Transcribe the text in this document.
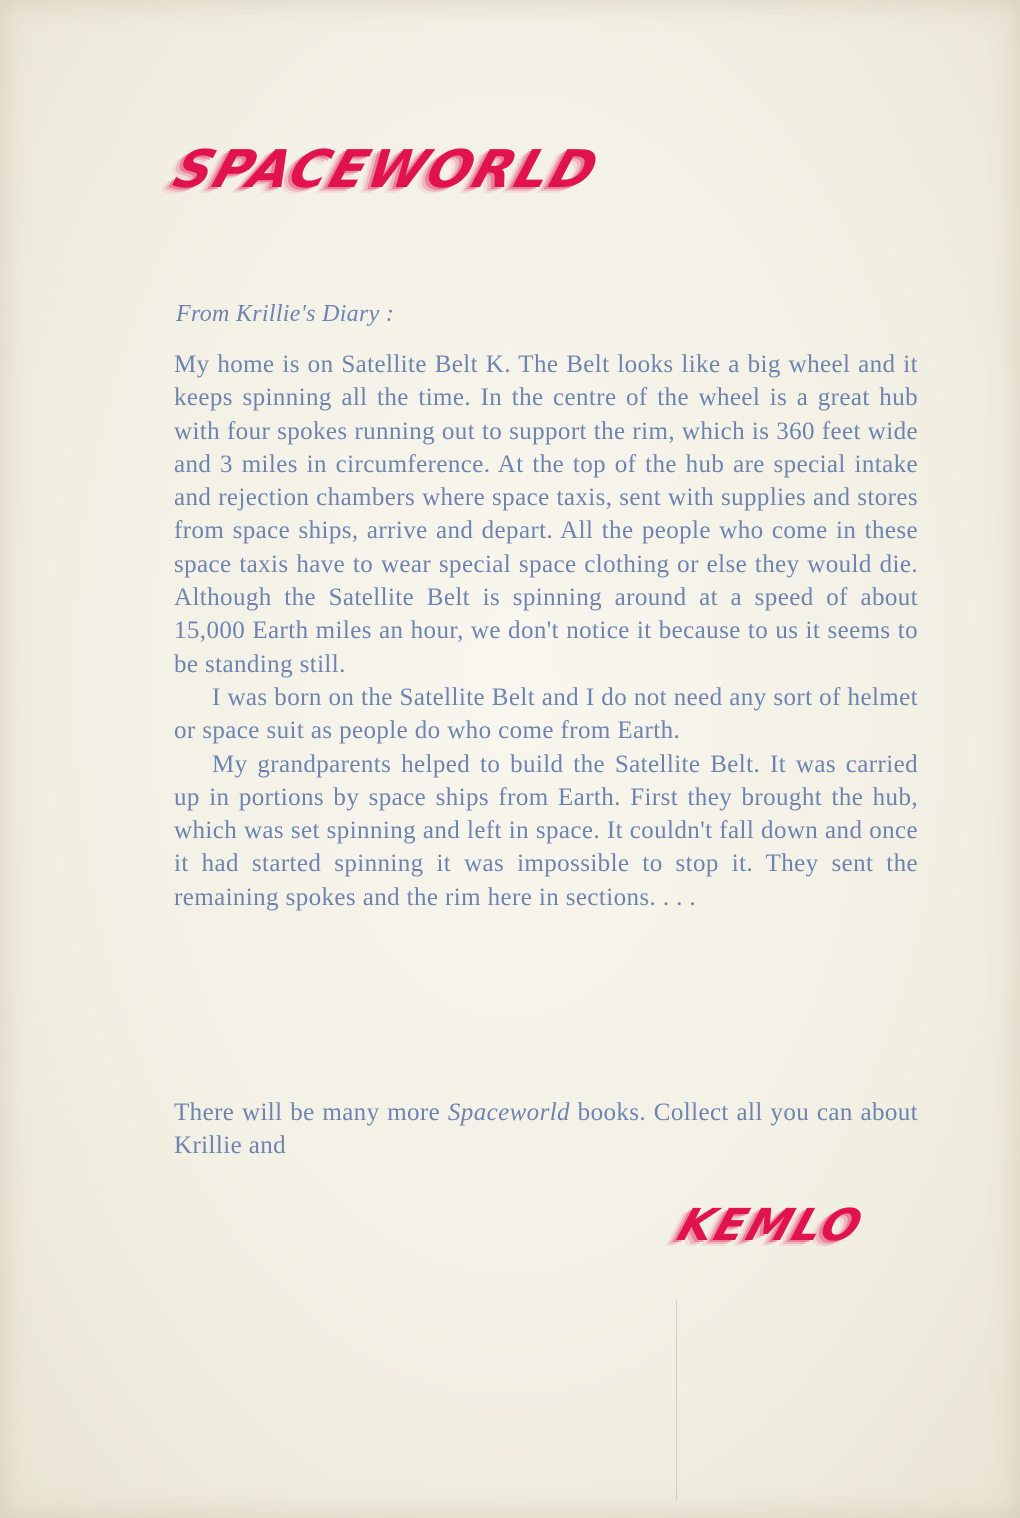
SPACEWORLD
From Krillie's Diary :

My home is on Satellite Belt K. The Belt looks like a big wheel and it keeps spinning all the time. In the centre of the wheel is a great hub with four spokes running out to support the rim, which is 360 feet wide and 3 miles in circumference. At the top of the hub are special intake and rejection chambers where space taxis, sent with supplies and stores from space ships, arrive and depart. All the people who come in these space taxis have to wear special space clothing or else they would die. Although the Satellite Belt is spinning around at a speed of about 15,000 Earth miles an hour, we don't notice it because to us it seems to be standing still.

I was born on the Satellite Belt and I do not need any sort of helmet or space suit as people do who come from Earth.

My grandparents helped to build the Satellite Belt. It was carried up in portions by space ships from Earth. First they brought the hub, which was set spinning and left in space. It couldn't fall down and once it had started spinning it was impossible to stop it. They sent the remaining spokes and the rim here in sections. . . .

There will be many more Spaceworld books. Collect all you can about Krillie and

KEMLO
